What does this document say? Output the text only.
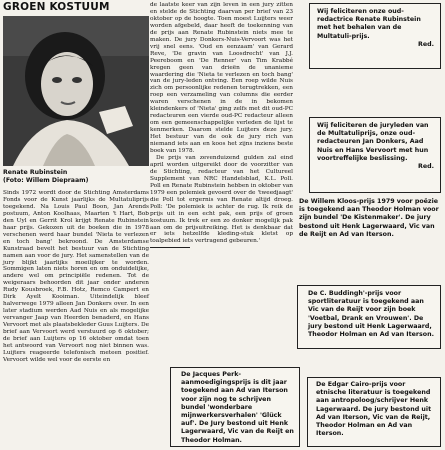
GROEN KOSTUUM
Renate Rubinstein
(Foto: Willem Diepraam)
Sinds 1972 wordt door de Stichting Amsterdams Fonds voor de Kunst jaarlijks de Multatuliprijs toegekend. Na Louis Paul Boon, Jan Arends postuum, Anton Koolhaas, Maarten 't Hart, Bob den Uyl en Gerrit Krol krijgt Renate Rubinstein haar prijs. Gekozen uit de boeken die in 1978 verschenen werd haar bundel 'Nieta te verlezen en toch bang' bekroond. De Amsterdamse Kunstraad bevelt het bestuur van de Stichting namen aan voor de jury. Het samenstellen van de jury blijkt jaarlijks moeilijker te worden. Sommigen laten niets horen en om onduidelijke, andere wel om principiële redenen. Tot de weigeraars behoorden dit jaar onder anderen Rudy Kousbroek, F.B. Hotz, Remco Campert en Dirk Ayelt Kooiman. Uiteindelijk bleef halverwege 1979 alleen Jan Donkers over. In een later stadium werden Aad Nuis en als mogelijke vervanger Jaap van Heerden benaderd, en Hans Vervoort met als plaatsbekleder Guus Luijters. De brief aan Vervoort werd verstuurd op 6 oktober; de brief aan Luijters op 16 oktober omdat toen het antwoord van Vervoort nog niet binnen was. Luijters reageerde telefonisch meteen positief. Vervoort wilde wel voor de eerste en

de laatste keer van zijn leven in een jury zitten en stelde de Stichting daarvan per brief van 23 oktober op de hoogte. Toen moest Luijters weer worden afgebeld, daar heeft de toekenning van de prijs aan Renate Rubinstein niets mee te maken. De jury Donkers-Nuis-Vervoort was het vrij snel eens. 'Oud en eenzaam' van Gerard Reve, 'De gravin van Loosdrecht' van J.J. Peereboom en 'De Renner' van Tim Krabbé kregen geen van drieën de unanieme waardering die 'Nieta te verlezen en toch bang' van de jury-leden ontving. Een roep wilde Nuis zich om persoonlijke redenen terugtrekken, een roep een verzameling van columns die eerder waren verschenen in de in bekomen kleindenkers of 'Nieta' ging zelfs met dit oud-PC redacteuren een vierde oud-PC redacteur alleen om een gemeenschappelijke verleden de lijst te kenmerken. Daarom stelde Luijters deze jury. Het bestuur van de ook de jury rich van niemand iets aan en koos het zijns inziens beste boek van 1978.

De prijs van zevenduizend gulden zal eind april worden uitgereikt door de voorzitter van de Stichting, redacteur van het Cultureel Supplement van NRC Handelsblad, K.L. Poll. Poll en Renate Rubinstein hebben in oktober van 1979 een polemiek gevoerd over de 'tweedjaagt' die Poll tot ergernis van Renate altijd droeg. Poll: 'De polemiek is achter de rug. Ik reik de prijs uit in een echt pak, een prijs of groen kostuum. Ik trek er een zo donker mogelijk pak aan om de prijsuitreiking. Het is denkbaar dat er iets hetzelfde kleding-stuk kletst op toalpebied iets vertragend gebeuren.'

Wij feliciteren onze oud-redactrice Renate Rubinstein met het behalen van de Multatuli-prijs.
Red.
Wij feliciteren de juryleden van de Multatuliprijs, onze oud-redacteuren Jan Donkers, Aad Nuis en Hans Vervoort met hun voortreffelijke beslissing.
Red.
De Willem Kloos-prijs 1979 voor poëzie is toegekend aan Theodor Holman voor zijn bundel 'De Kistenmaker'. De jury bestond uit Henk Lagerwaard, Vic van de Reijt en Ad van Iterson.
De C. Buddingh'-prijs voor sportliteratuur is toegekend aan Vic van de Reijt voor zijn boek 'Voetbal, Drank en Vrouwen'. De jury bestond uit Henk Lagerwaard, Theodor Holman en Ad van Iterson.
De Jacques Perk-aanmoedigingsprijs is dit jaar toegekend aan Ad van Iterson voor zijn nog te schrijven bundel 'wonderbare mijnwerkersverhalen' 'Glück auf'. De Jury bestond uit Henk Lagerwaard, Vic van de Reijt en Theodor Holman.
De Edgar Cairo-prijs voor etnische literatuur is toegekend aan antropoloog/schrijver Henk Lagerwaard. De jury bestond uit Ad van Iterson, Vic van de Reijt, Theodor Holman en Ad van Iterson.
